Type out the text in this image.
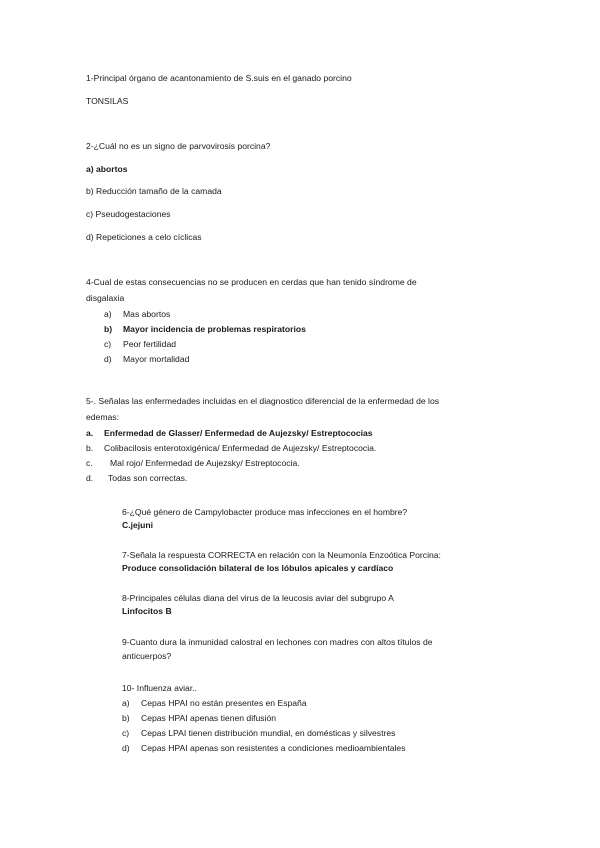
1-Principal órgano de acantonamiento de S.suis en el ganado porcino

TONSILAS

2-¿Cuál no es un signo de parvovirosis porcina?

a) abortos

b) Reducción tamaño de la camada

c) Pseudogestaciones

d) Repeticiones a celo cíclicas

4-Cual de estas consecuencias no se producen en cerdas que han tenido síndrome de

disgalaxia

a) Mas abortos
b) Mayor incidencia de problemas respiratorios
c) Peor fertilidad
d) Mayor mortalidad

5-. Señalas las enfermedades incluidas en el diagnostico diferencial de la enfermedad de los

edemas:

a. Enfermedad de Glasser/ Enfermedad de Aujezsky/ Estreptococias
b. Colibacilosis enterotoxigénica/ Enfermedad de Aujezsky/ Estreptococia.
c. Mal rojo/ Enfermedad de Aujezsky/ Estreptococia.
d. Todas son correctas.

6-¿Qué género de Campylobacter produce mas infecciones en el hombre?

C.jejuni

7-Señala la respuesta CORRECTA en relación con la Neumonía Enzoótica Porcina:

Produce consolidación bilateral de los lóbulos apicales y cardíaco

8-Principales células diana del virus de la leucosis aviar del subgrupo A

Linfocitos B

9-Cuanto dura la inmunidad calostral en lechones con madres con altos títulos de

anticuerpos?

10- Influenza aviar..

a) Cepas HPAI no están presentes en España
b) Cepas HPAI apenas tienen difusión
c) Cepas LPAI tienen distribución mundial, en domésticas y silvestres
d) Cepas HPAI apenas son resistentes a condiciones medioambientales
